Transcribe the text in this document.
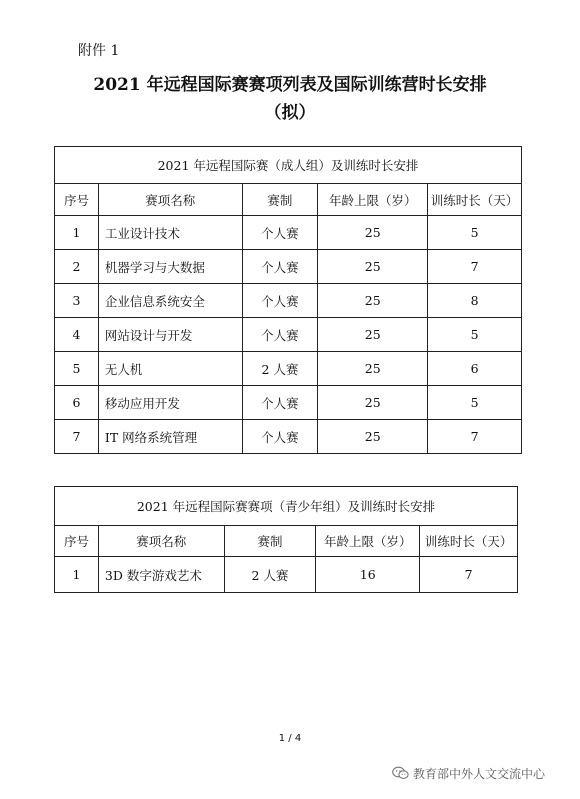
附件 1
2021 年远程国际赛赛项列表及国际训练营时长安排
（拟）
2021 年远程国际赛（成人组）及训练时长安排				
序号	赛项名称	赛制	年龄上限（岁）	训练时长（天）
1	工业设计技术	个人赛	25	5
2	机器学习与大数据	个人赛	25	7
3	企业信息系统安全	个人赛	25	8
4	网站设计与开发	个人赛	25	5
5	无人机	2 人赛	25	6
6	移动应用开发	个人赛	25	5
7	IT 网络系统管理	个人赛	25	7
2021 年远程国际赛赛项（青少年组）及训练时长安排				
序号	赛项名称	赛制	年龄上限（岁）	训练时长（天）
1	3D 数字游戏艺术	2 人赛	16	7
1 / 4
教育部中外人文交流中心
